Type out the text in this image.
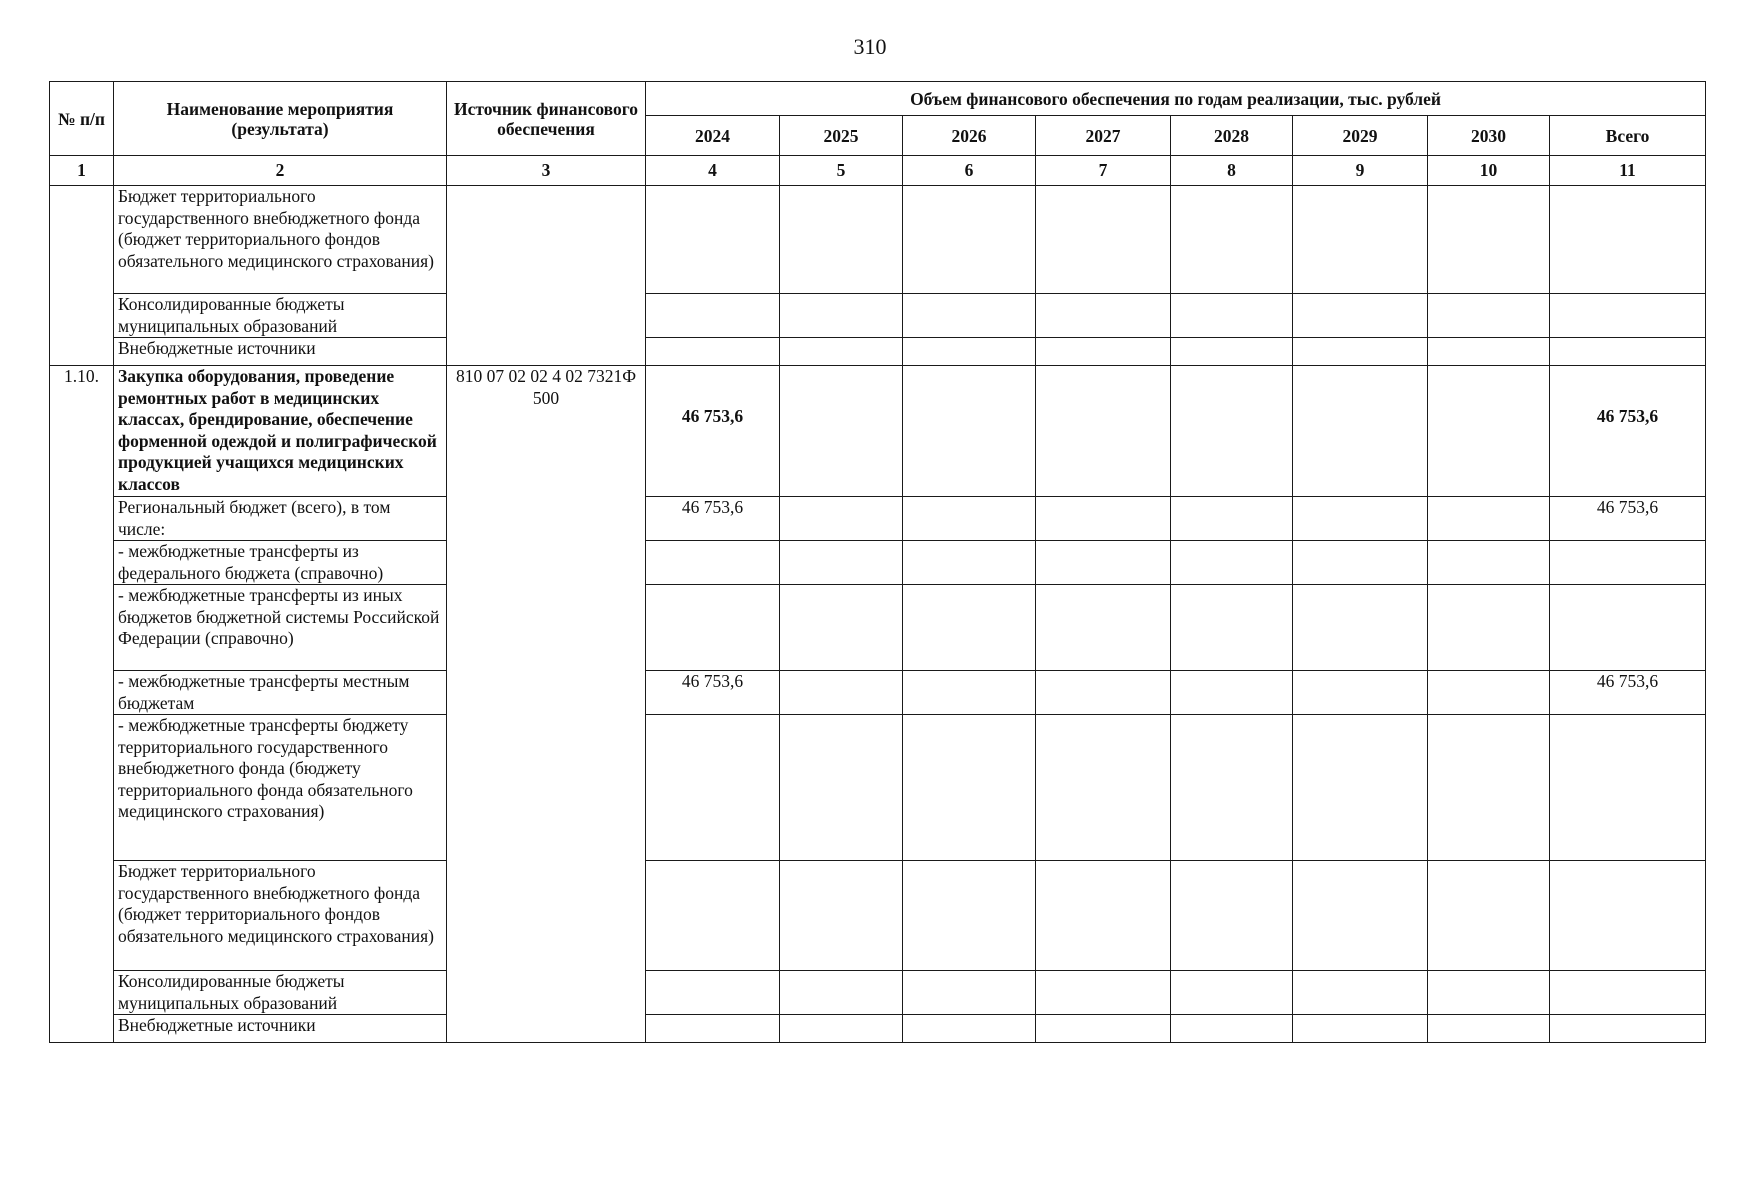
310
№ п/п	Наименование мероприятия (результата)	Источник финансового обеспечения	Объем финансового обеспечения по годам реализации, тыс. рублей							
			2024	2025	2026	2027	2028	2029	2030	Всего
1	2	3	4	5	6	7	8	9	10	11
	Бюджет территориального государственного внебюджетного фонда (бюджет территориального фондов обязательного медицинского страхования)									
	Консолидированные бюджеты муниципальных образований									
	Внебюджетные источники									
1.10.	Закупка оборудования, проведение ремонтных работ в медицинских классах, брендирование, обеспечение форменной одеждой и полиграфической продукцией учащихся медицинских классов	810 07 02 02 4 02 7321Ф 500	46 753,6							46 753,6
	Региональный бюджет (всего), в том числе:		46 753,6							46 753,6
	- межбюджетные трансферты из федерального бюджета (справочно)									
	- межбюджетные трансферты из иных бюджетов бюджетной системы Российской Федерации (справочно)									
	- межбюджетные трансферты местным бюджетам		46 753,6							46 753,6
	- межбюджетные трансферты бюджету территориального государственного внебюджетного фонда (бюджету территориального фонда обязательного медицинского страхования)									
	Бюджет территориального государственного внебюджетного фонда (бюджет территориального фондов обязательного медицинского страхования)									
	Консолидированные бюджеты муниципальных образований									
	Внебюджетные источники									
